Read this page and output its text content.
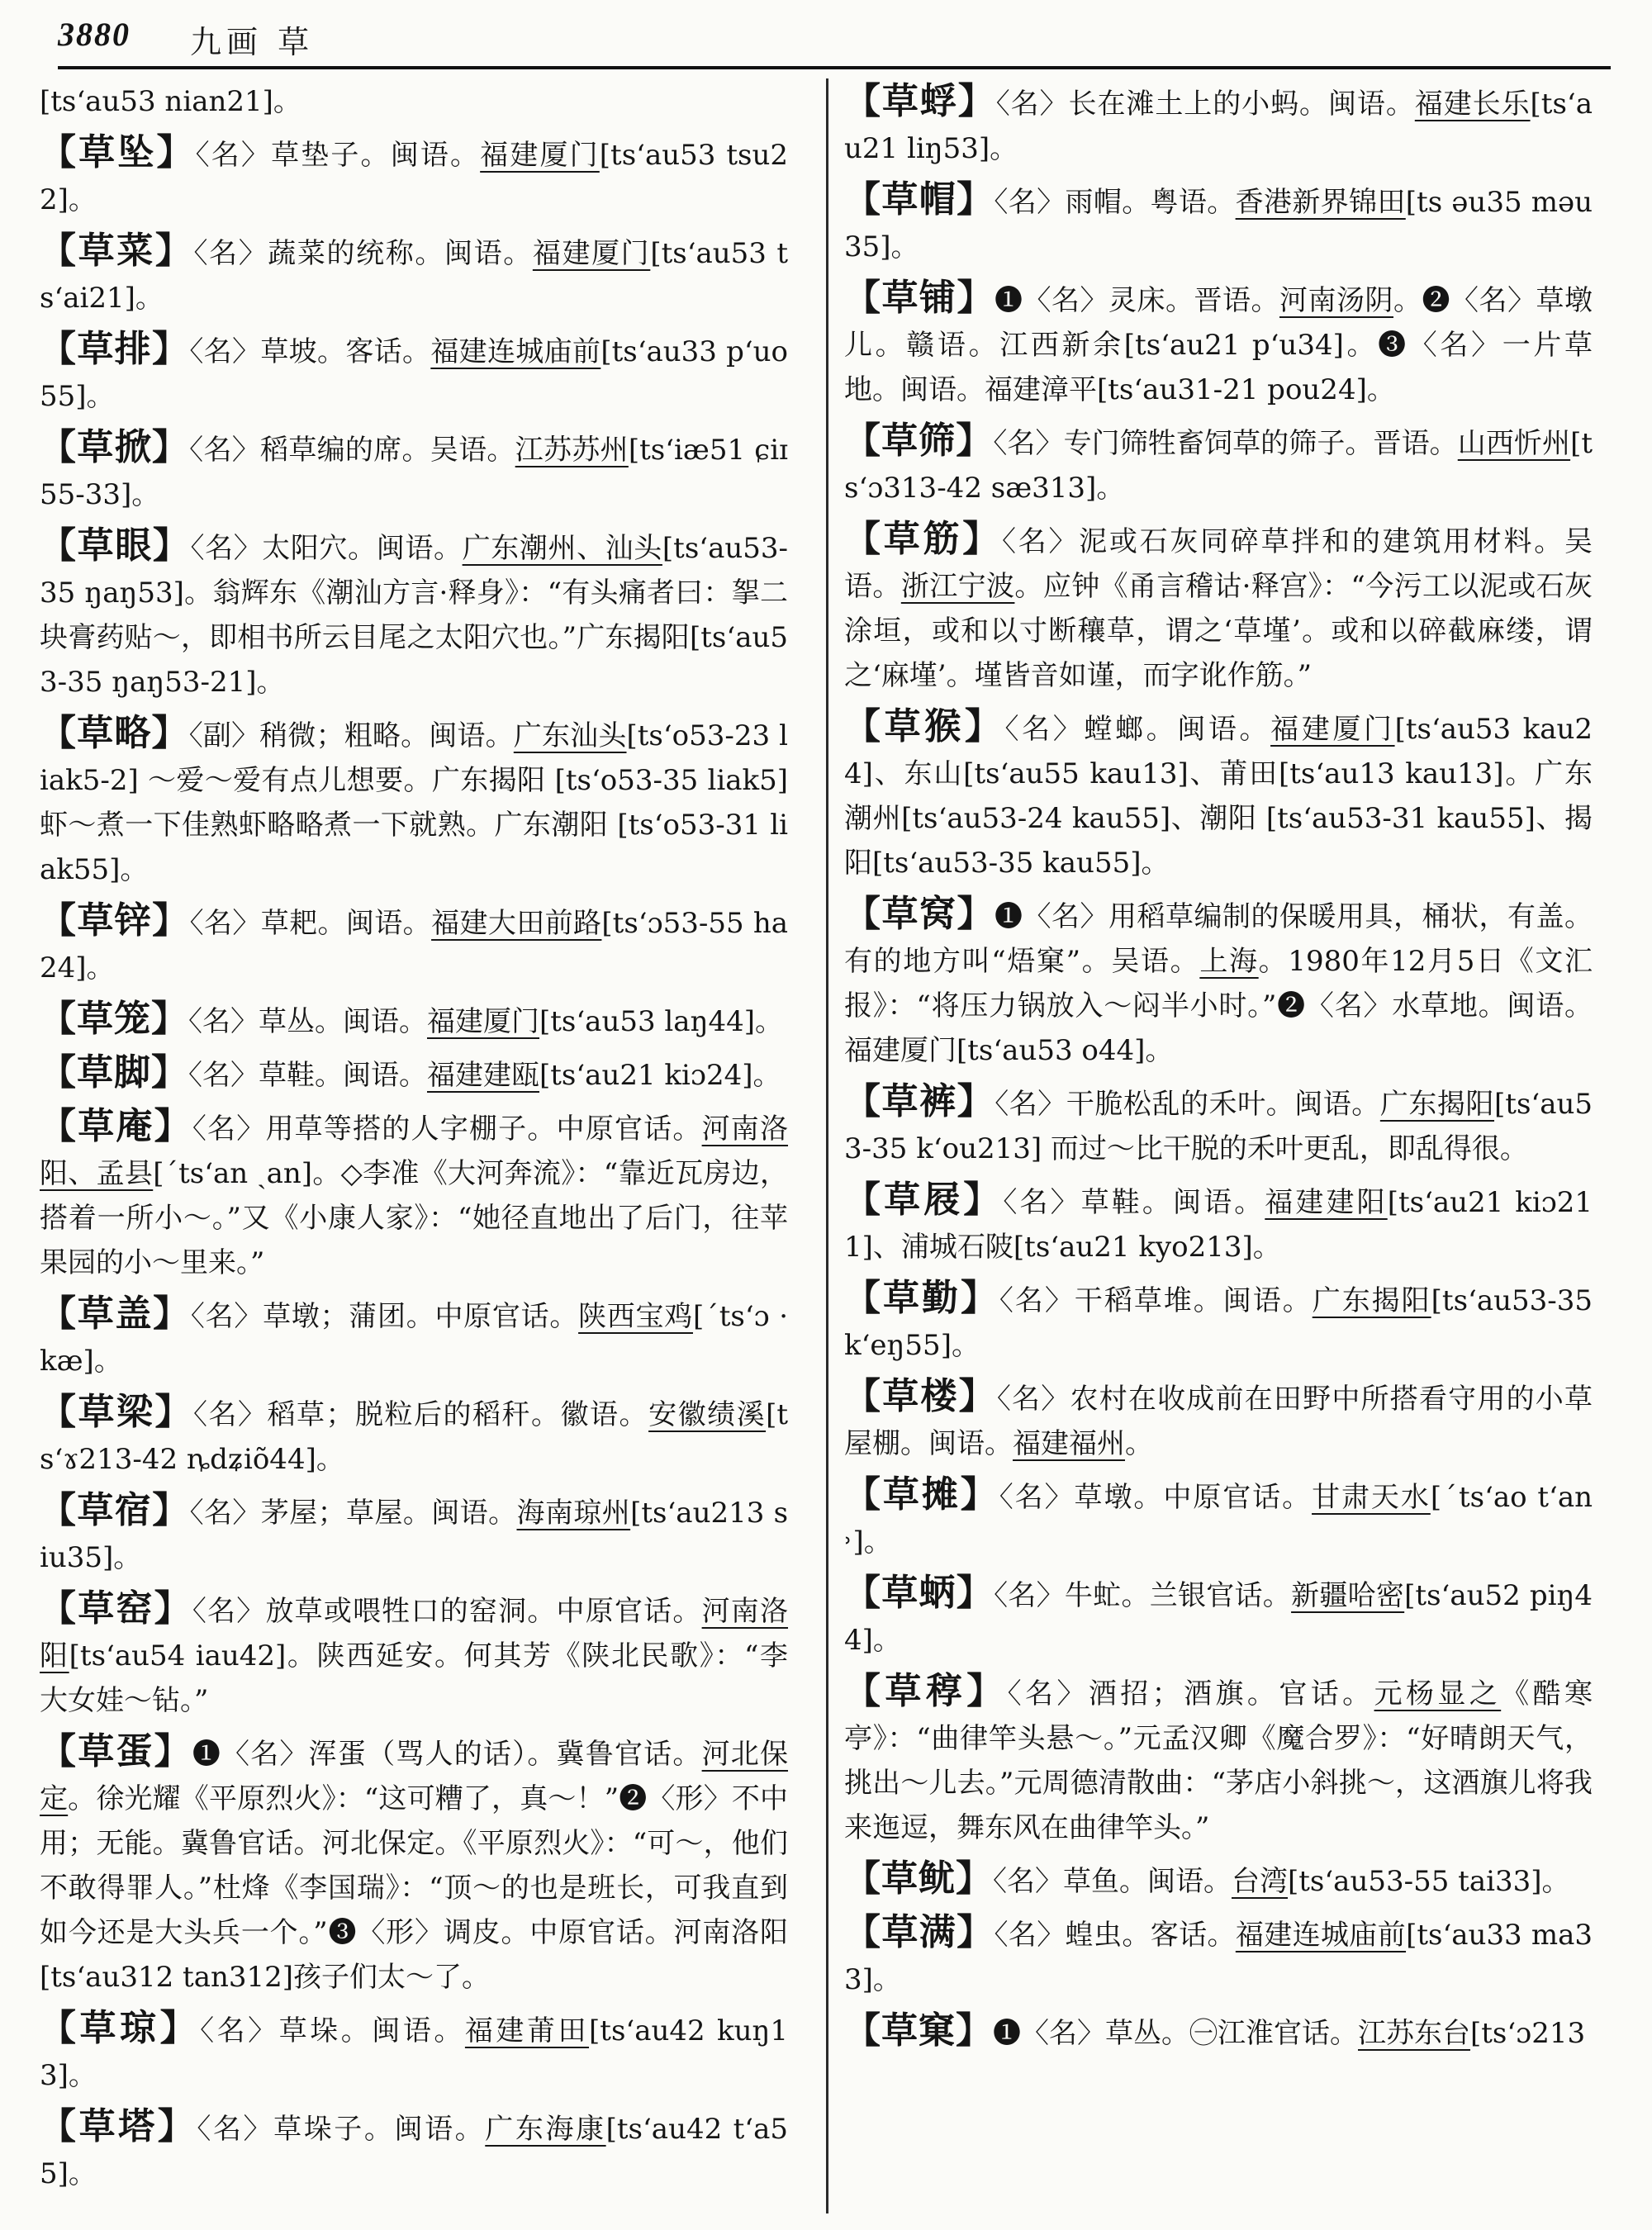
3880 九画 草
[ts‘au53 nian21]。
【草坠】〈名〉草垫子。闽语。福建厦门[ts‘au53 tsu22]。
【草菜】〈名〉蔬菜的统称。闽语。福建厦门[ts‘au53 ts‘ai21]。
【草排】〈名〉草坡。客话。福建连城庙前[ts‘au33 p‘uo55]。
【草掀】〈名〉稻草编的席。吴语。江苏苏州[ts‘iæ51 ɕiɪ55-33]。
【草眼】〈名〉太阳穴。闽语。广东潮州、汕头[ts‘au53-35 ŋaŋ53]。翁辉东《潮汕方言·释身》：“有头痛者曰：挐二块膏药贴～，即相书所云目尾之太阳穴也。”广东揭阳[ts‘au53-35 ŋaŋ53-21]。
【草略】〈副〉稍微；粗略。闽语。广东汕头[ts‘o53-23 liak5-2] ～爱～爱有点儿想要。广东揭阳 [ts‘o53-35 liak5] 虾～煮一下佳熟虾略略煮一下就熟。广东潮阳 [ts‘o53-31 liak55]。
【草锌】〈名〉草耙。闽语。福建大田前路[ts‘ɔ53-55 ha24]。
【草笼】〈名〉草丛。闽语。福建厦门[ts‘au53 laŋ44]。
【草脚】〈名〉草鞋。闽语。福建建瓯[ts‘au21 kiɔ24]。
【草庵】〈名〉用草等搭的人字棚子。中原官话。河南洛阳、孟县[ˊts‘an ˏan]。◇李准《大河奔流》：“靠近瓦房边，搭着一所小～。”又《小康人家》：“她径直地出了后门，往苹果园的小～里来。”
【草盖】〈名〉草墩；蒲团。中原官话。陕西宝鸡[ˊts‘ɔ ·kæ]。
【草梁】〈名〉稻草；脱粒后的稻秆。徽语。安徽绩溪[ts‘ɤ213-42 ȵdʑiõ44]。
【草宿】〈名〉茅屋；草屋。闽语。海南琼州[ts‘au213 siu35]。
【草窑】〈名〉放草或喂牲口的窑洞。中原官话。河南洛阳[ts‘au54 iau42]。陕西延安。何其芳《陕北民歌》：“李大女娃～钻。”
【草蛋】❶〈名〉浑蛋（骂人的话）。冀鲁官话。河北保定。徐光耀《平原烈火》：“这可糟了，真～！”❷〈形〉不中用；无能。冀鲁官话。河北保定。《平原烈火》：“可～，他们不敢得罪人。”杜烽《李国瑞》：“顶～的也是班长，可我直到如今还是大头兵一个。”❸〈形〉调皮。中原官话。河南洛阳[ts‘au312 tan312]孩子们太～了。
【草琼】〈名〉草垛。闽语。福建莆田[ts‘au42 kuŋ13]。
【草塔】〈名〉草垛子。闽语。广东海康[ts‘au42 t‘a55]。
【草蜉】〈名〉长在滩土上的小蚂。闽语。福建长乐[ts‘au21 liŋ53]。
【草帽】〈名〉雨帽。粤语。香港新界锦田[ts əu35 məu35]。
【草铺】❶〈名〉灵床。晋语。河南汤阴。❷〈名〉草墩儿。赣语。江西新余[ts‘au21 p‘u34]。❸〈名〉一片草地。闽语。福建漳平[ts‘au31-21 pou24]。
【草筛】〈名〉专门筛牲畜饲草的筛子。晋语。山西忻州[ts‘ɔ313-42 sæ313]。
【草筋】〈名〉泥或石灰同碎草拌和的建筑用材料。吴语。浙江宁波。应钟《甬言稽诂·释宫》：“今污工以泥或石灰涂垣，或和以寸断穰草，谓之‘草墐’。或和以碎截麻缕，谓之‘麻墐’。墐皆音如谨，而字讹作筋。”
【草猴】〈名〉螳螂。闽语。福建厦门[ts‘au53 kau24]、东山[ts‘au55 kau13]、莆田[ts‘au13 kau13]。广东潮州[ts‘au53-24 kau55]、潮阳 [ts‘au53-31 kau55]、揭阳[ts‘au53-35 kau55]。
【草窝】❶〈名〉用稻草编制的保暖用具，桶状，有盖。有的地方叫“焐窠”。吴语。上海。1980年12月5日《文汇报》：“将压力锅放入～闷半小时。”❷〈名〉水草地。闽语。福建厦门[ts‘au53 o44]。
【草裤】〈名〉干脆松乱的禾叶。闽语。广东揭阳[ts‘au53-35 k‘ou213] 而过～比干脱的禾叶更乱，即乱得很。
【草屐】〈名〉草鞋。闽语。福建建阳[ts‘au21 kiɔ211]、浦城石陂[ts‘au21 kyo213]。
【草勤】〈名〉干稻草堆。闽语。广东揭阳[ts‘au53-35 k‘eŋ55]。
【草楼】〈名〉农村在收成前在田野中所搭看守用的小草屋棚。闽语。福建福州。
【草摊】〈名〉草墩。中原官话。甘肃天水[ˊts‘ao t‘an˒]。
【草蛃】〈名〉牛虻。兰银官话。新疆哈密[ts‘au52 piŋ44]。
【草稕】〈名〉酒招；酒旗。官话。元杨显之《酷寒亭》：“曲律竿头悬～。”元孟汉卿《魔合罗》：“好晴朗天气，挑出～儿去。”元周德清散曲：“茅店小斜挑～，这酒旗儿将我来迤逗，舞东风在曲律竿头。”
【草鱿】〈名〉草鱼。闽语。台湾[ts‘au53-55 tai33]。
【草满】〈名〉蝗虫。客话。福建连城庙前[ts‘au33 ma33]。
【草窠】❶〈名〉草丛。㊀江淮官话。江苏东台[ts‘ɔ213
